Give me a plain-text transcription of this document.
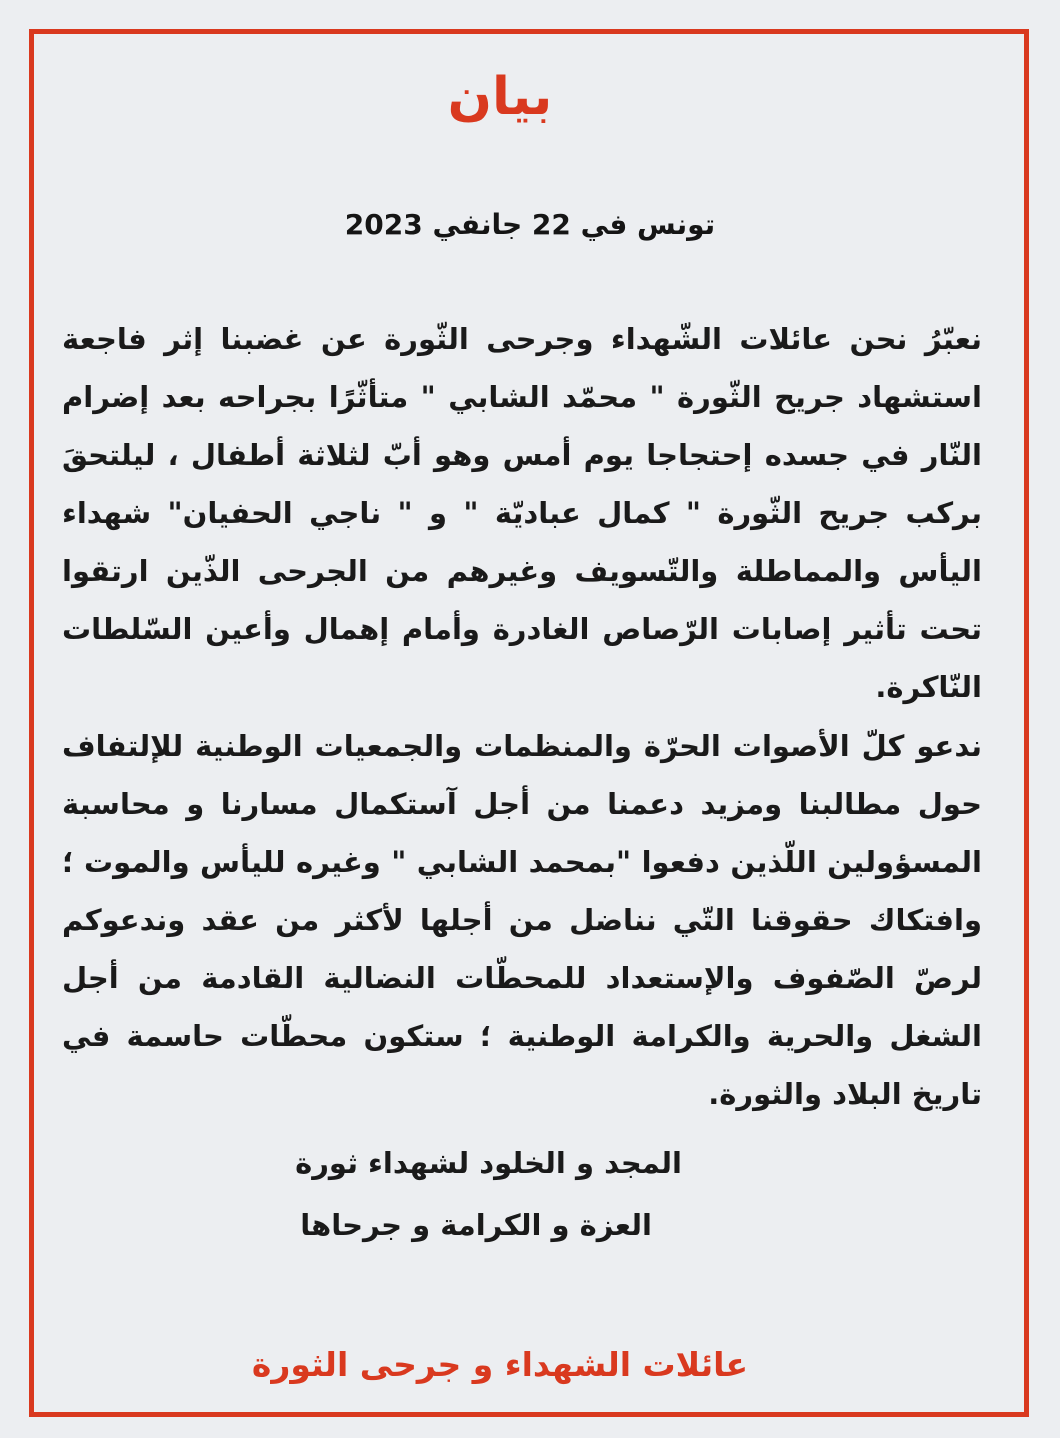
بيان

تونس في 22 جانفي 2023

نعبّرُ نحن عائلات الشّهداء وجرحى الثّورة عن غضبنا إثر فاجعة استشهاد جريح الثّورة " محمّد الشابي " متأثّرًا بجراحه بعد إضرام النّار في جسده إحتجاجا يوم أمس وهو أبّ لثلاثة أطفال ، ليلتحقَ بركب جريح الثّورة " كمال عباديّة " و " ناجي الحفيان" شهداء اليأس والمماطلة والتّسويف وغيرهم من الجرحى الذّين ارتقوا تحت تأثير إصابات الرّصاص الغادرة وأمام إهمال وأعين السّلطات النّاكرة.

ندعو كلّ الأصوات الحرّة والمنظمات والجمعيات الوطنية للإلتفاف حول مطالبنا ومزيد دعمنا من أجل آستكمال مسارنا و محاسبة المسؤولين اللّذين دفعوا "بمحمد الشابي " وغيره لليأس والموت ؛ وافتكاك حقوقنا التّي نناضل من أجلها لأكثر من عقد وندعوكم لرصّ الصّفوف والإستعداد للمحطّات النضالية القادمة من أجل الشغل والحرية والكرامة الوطنية ؛ ستكون محطّات حاسمة في تاريخ البلاد والثورة.

المجد و الخلود لشهداء ثورة

العزة و الكرامة و جرحاها

عائلات الشهداء و جرحى الثورة
